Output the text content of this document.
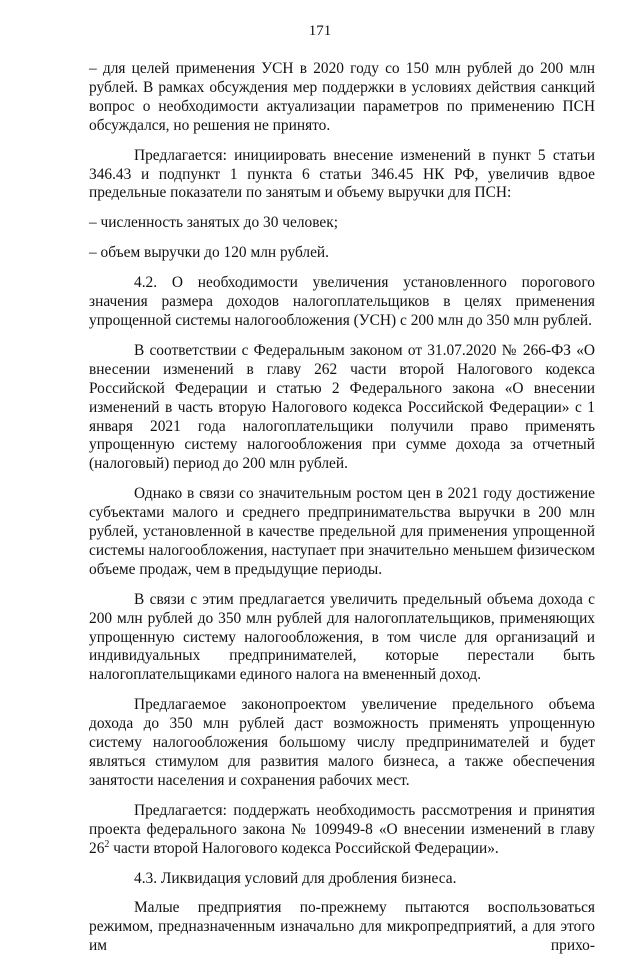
171

– для целей применения УСН в 2020 году со 150 млн рублей до 200 млн рублей. В рамках обсуждения мер поддержки в условиях действия санкций вопрос о необходимости актуализации параметров по применению ПСН обсуждался, но решения не принято.

Предлагается: инициировать внесение изменений в пункт 5 статьи 346.43 и подпункт 1 пункта 6 статьи 346.45 НК РФ, увеличив вдвое предельные показатели по занятым и объему выручки для ПСН:

– численность занятых до 30 человек;

– объем выручки до 120 млн рублей.

4.2. О необходимости увеличения установленного порогового значения размера доходов налогоплательщиков в целях применения упрощенной системы налогообложения (УСН) с 200 млн до 350 млн рублей.

В соответствии с Федеральным законом от 31.07.2020 № 266-ФЗ «О внесении изменений в главу 262 части второй Налогового кодекса Российской Федерации и статью 2 Федерального закона «О внесении изменений в часть вторую Налогового кодекса Российской Федерации» с 1 января 2021 года налогоплательщики получили право применять упрощенную систему налогообложения при сумме дохода за отчетный (налоговый) период до 200 млн рублей.

Однако в связи со значительным ростом цен в 2021 году достижение субъектами малого и среднего предпринимательства выручки в 200 млн рублей, установленной в качестве предельной для применения упрощенной системы налогообложения, наступает при значительно меньшем физическом объеме продаж, чем в предыдущие периоды.

В связи с этим предлагается увеличить предельный объема дохода с 200 млн рублей до 350 млн рублей для налогоплательщиков, применяющих упрощенную систему налогообложения, в том числе для организаций и индивидуальных предпринимателей, которые перестали быть налогоплательщиками единого налога на вмененный доход.

Предлагаемое законопроектом увеличение предельного объема дохода до 350 млн рублей даст возможность применять упрощенную систему налогообложения большому числу предпринимателей и будет являться стимулом для развития малого бизнеса, а также обеспечения занятости населения и сохранения рабочих мест.

Предлагается: поддержать необходимость рассмотрения и принятия проекта федерального закона № 109949-8 «О внесении изменений в главу $26^2$ части второй Налогового кодекса Российской Федерации».

4.3. Ликвидация условий для дробления бизнеса.

Малые предприятия по-прежнему пытаются воспользоваться режимом, предназначенным изначально для микропредприятий, а для этого им прихо-
